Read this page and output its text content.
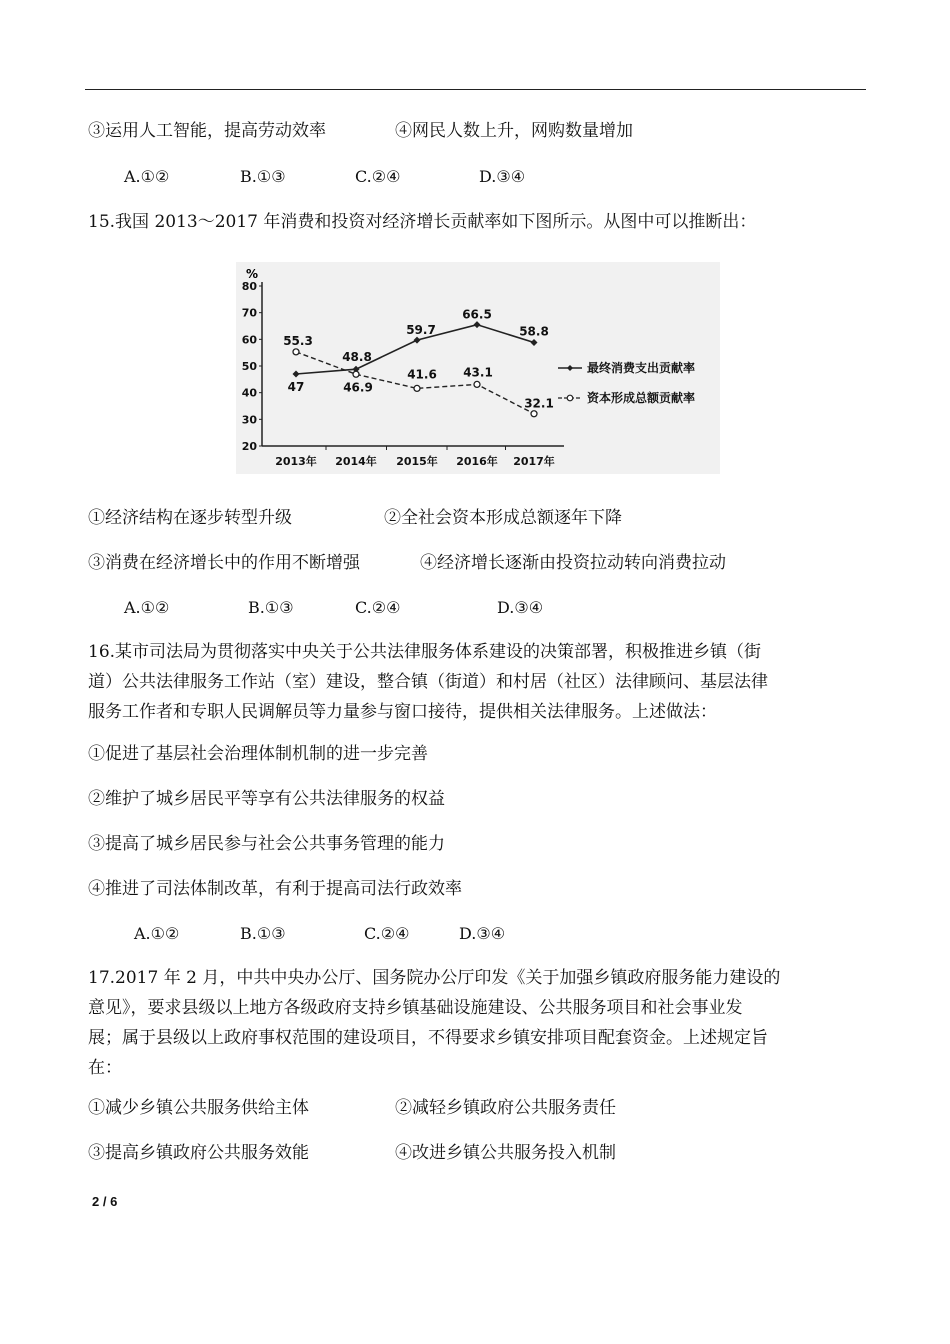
③运用人工智能，提高劳动效率	④网民人数上升，网购数量增加
A.①②	B.①③	C.②④	D.③④
15.我国 2013～2017 年消费和投资对经济增长贡献率如下图所示。从图中可以推断出：
%
20
30
40
50
60
70
80
2013年 2014年 2015年 2016年 2017年
47
48.8
59.7
66.5
58.8
55.3
46.9
41.6 43.1
32.1
最终消费支出贡献率
资本形成总额贡献率
①经济结构在逐步转型升级	②全社会资本形成总额逐年下降
③消费在经济增长中的作用不断增强	④经济增长逐渐由投资拉动转向消费拉动
A.①②	B.①③	C.②④	D.③④
16.某市司法局为贯彻落实中央关于公共法律服务体系建设的决策部署，积极推进乡镇（街
道）公共法律服务工作站（室）建设，整合镇（街道）和村居（社区）法律顾问、基层法律
服务工作者和专职人民调解员等力量参与窗口接待，提供相关法律服务。上述做法：
①促进了基层社会治理体制机制的进一步完善
②维护了城乡居民平等享有公共法律服务的权益
③提高了城乡居民参与社会公共事务管理的能力
④推进了司法体制改革，有利于提高司法行政效率
A.①②	B.①③	C.②④	D.③④
17.2017 年 2 月，中共中央办公厅、国务院办公厅印发《关于加强乡镇政府服务能力建设的
意见》，要求县级以上地方各级政府支持乡镇基础设施建设、公共服务项目和社会事业发
展；属于县级以上政府事权范围的建设项目，不得要求乡镇安排项目配套资金。上述规定旨
在：
①减少乡镇公共服务供给主体	②减轻乡镇政府公共服务责任
③提高乡镇政府公共服务效能	④改进乡镇公共服务投入机制
2 / 6
